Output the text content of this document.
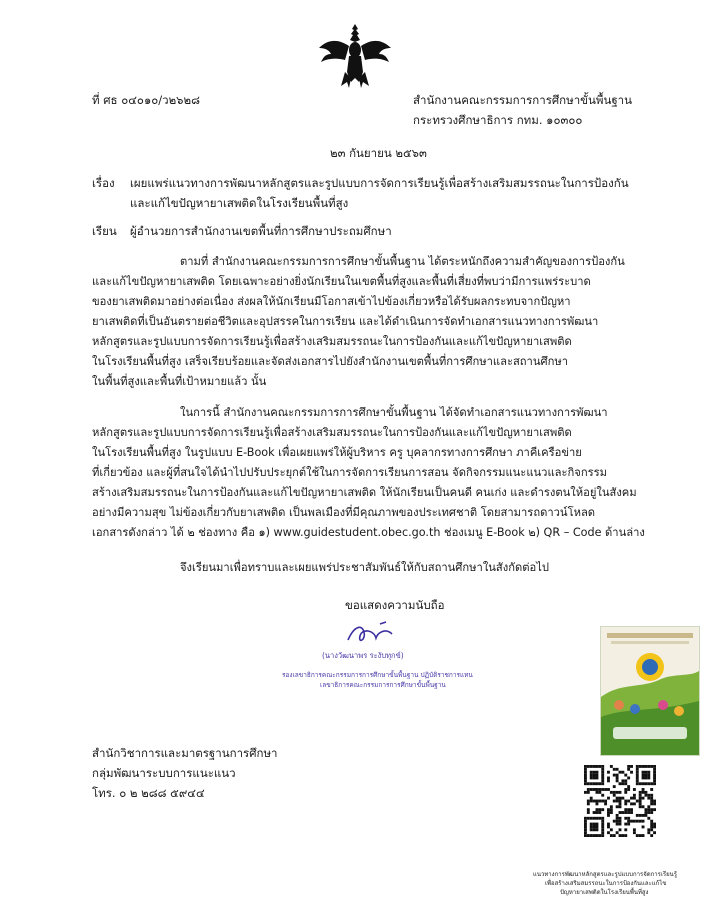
ที่ ศธ ๐๔๐๑๐/ว๒๖๒๘	สำนักงานคณะกรรมการการศึกษาขั้นพื้นฐาน
กระทรวงศึกษาธิการ กทม. ๑๐๓๐๐
๒๓ กันยายน ๒๕๖๓
เรื่อง เผยแพร่แนวทางการพัฒนาหลักสูตรและรูปแบบการจัดการเรียนรู้เพื่อสร้างเสริมสมรรถนะในการป้องกัน
และแก้ไขปัญหายาเสพติดในโรงเรียนพื้นที่สูง
เรียน ผู้อำนวยการสำนักงานเขตพื้นที่การศึกษาประถมศึกษา
ตามที่ สำนักงานคณะกรรมการการศึกษาขั้นพื้นฐาน ได้ตระหนักถึงความสำคัญของการป้องกัน
และแก้ไขปัญหายาเสพติด โดยเฉพาะอย่างยิ่งนักเรียนในเขตพื้นที่สูงและพื้นที่เสี่ยงที่พบว่ามีการแพร่ระบาด
ของยาเสพติดมาอย่างต่อเนื่อง ส่งผลให้นักเรียนมีโอกาสเข้าไปข้องเกี่ยวหรือได้รับผลกระทบจากปัญหา
ยาเสพติดที่เป็นอันตรายต่อชีวิตและอุปสรรคในการเรียน และได้ดำเนินการจัดทำเอกสารแนวทางการพัฒนา
หลักสูตรและรูปแบบการจัดการเรียนรู้เพื่อสร้างเสริมสมรรถนะในการป้องกันและแก้ไขปัญหายาเสพติด
ในโรงเรียนพื้นที่สูง เสร็จเรียบร้อยและจัดส่งเอกสารไปยังสำนักงานเขตพื้นที่การศึกษาและสถานศึกษา
ในพื้นที่สูงและพื้นที่เป้าหมายแล้ว นั้น
ในการนี้ สำนักงานคณะกรรมการการศึกษาขั้นพื้นฐาน ได้จัดทำเอกสารแนวทางการพัฒนา
หลักสูตรและรูปแบบการจัดการเรียนรู้เพื่อสร้างเสริมสมรรถนะในการป้องกันและแก้ไขปัญหายาเสพติด
ในโรงเรียนพื้นที่สูง ในรูปแบบ E-Book เพื่อเผยแพร่ให้ผู้บริหาร ครู บุคลากรทางการศึกษา ภาคีเครือข่าย
ที่เกี่ยวข้อง และผู้ที่สนใจได้นำไปปรับประยุกต์ใช้ในการจัดการเรียนการสอน จัดกิจกรรมแนะแนวและกิจกรรม
สร้างเสริมสมรรถนะในการป้องกันและแก้ไขปัญหายาเสพติด ให้นักเรียนเป็นคนดี คนเก่ง และดำรงตนให้อยู่ในสังคม
อย่างมีความสุข ไม่ข้องเกี่ยวกับยาเสพติด เป็นพลเมืองที่มีคุณภาพของประเทศชาติ โดยสามารถดาวน์โหลด
เอกสารดังกล่าว ได้ ๒ ช่องทาง คือ ๑) www.guidestudent.obec.go.th ช่องเมนู E-Book ๒) QR – Code ด้านล่าง
จึงเรียนมาเพื่อทราบและเผยแพร่ประชาสัมพันธ์ให้กับสถานศึกษาในสังกัดต่อไป
ขอแสดงความนับถือ
(นางวัฒนาพร ระงับทุกข์)
รองเลขาธิการคณะกรรมการการศึกษาขั้นพื้นฐาน ปฏิบัติราชการแทน
เลขาธิการคณะกรรมการการศึกษาขั้นพื้นฐาน
สำนักวิชาการและมาตรฐานการศึกษา
กลุ่มพัฒนาระบบการแนะแนว
โทร. ๐ ๒ ๒๘๘ ๕๙๔๔
แนวทางการพัฒนาหลักสูตรและรูปแบบการจัดการเรียนรู้
เพื่อสร้างเสริมสมรรถนะในการป้องกันและแก้ไข
ปัญหายาเสพติดในโรงเรียนพื้นที่สูง
